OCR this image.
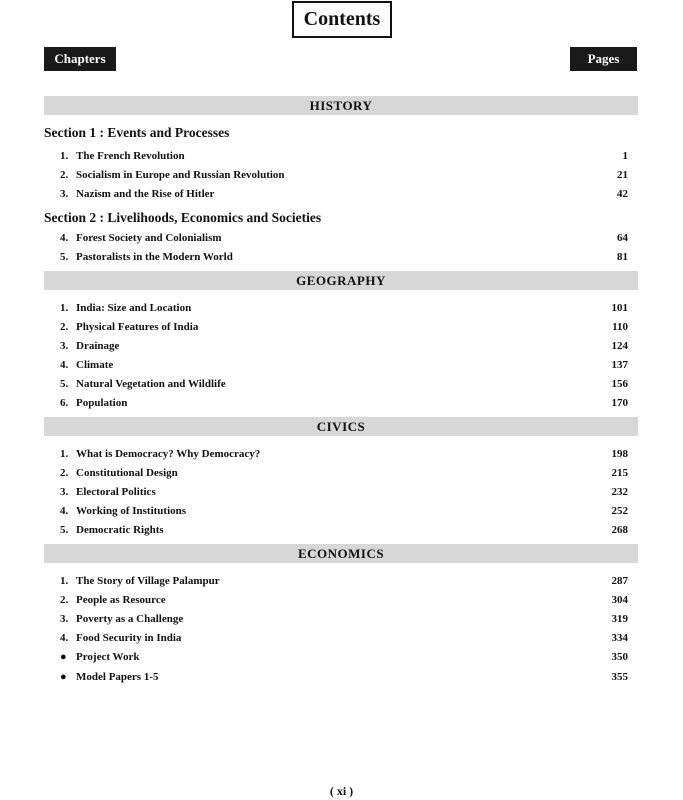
Contents
Chapters	Pages
HISTORY
Section 1 : Events and Processes
1. The French Revolution	1
2. Socialism in Europe and Russian Revolution	21
3. Nazism and the Rise of Hitler	42
Section 2 : Livelihoods, Economics and Societies
4. Forest Society and Colonialism	64
5. Pastoralists in the Modern World	81
GEOGRAPHY
1. India: Size and Location	101
2. Physical Features of India	110
3. Drainage	124
4. Climate	137
5. Natural Vegetation and Wildlife	156
6. Population	170
CIVICS
1. What is Democracy? Why Democracy?	198
2. Constitutional Design	215
3. Electoral Politics	232
4. Working of Institutions	252
5. Democratic Rights	268
ECONOMICS
1. The Story of Village Palampur	287
2. People as Resource	304
3. Poverty as a Challenge	319
4. Food Security in India	334
● Project Work	350
● Model Papers 1-5	355
( xi )
